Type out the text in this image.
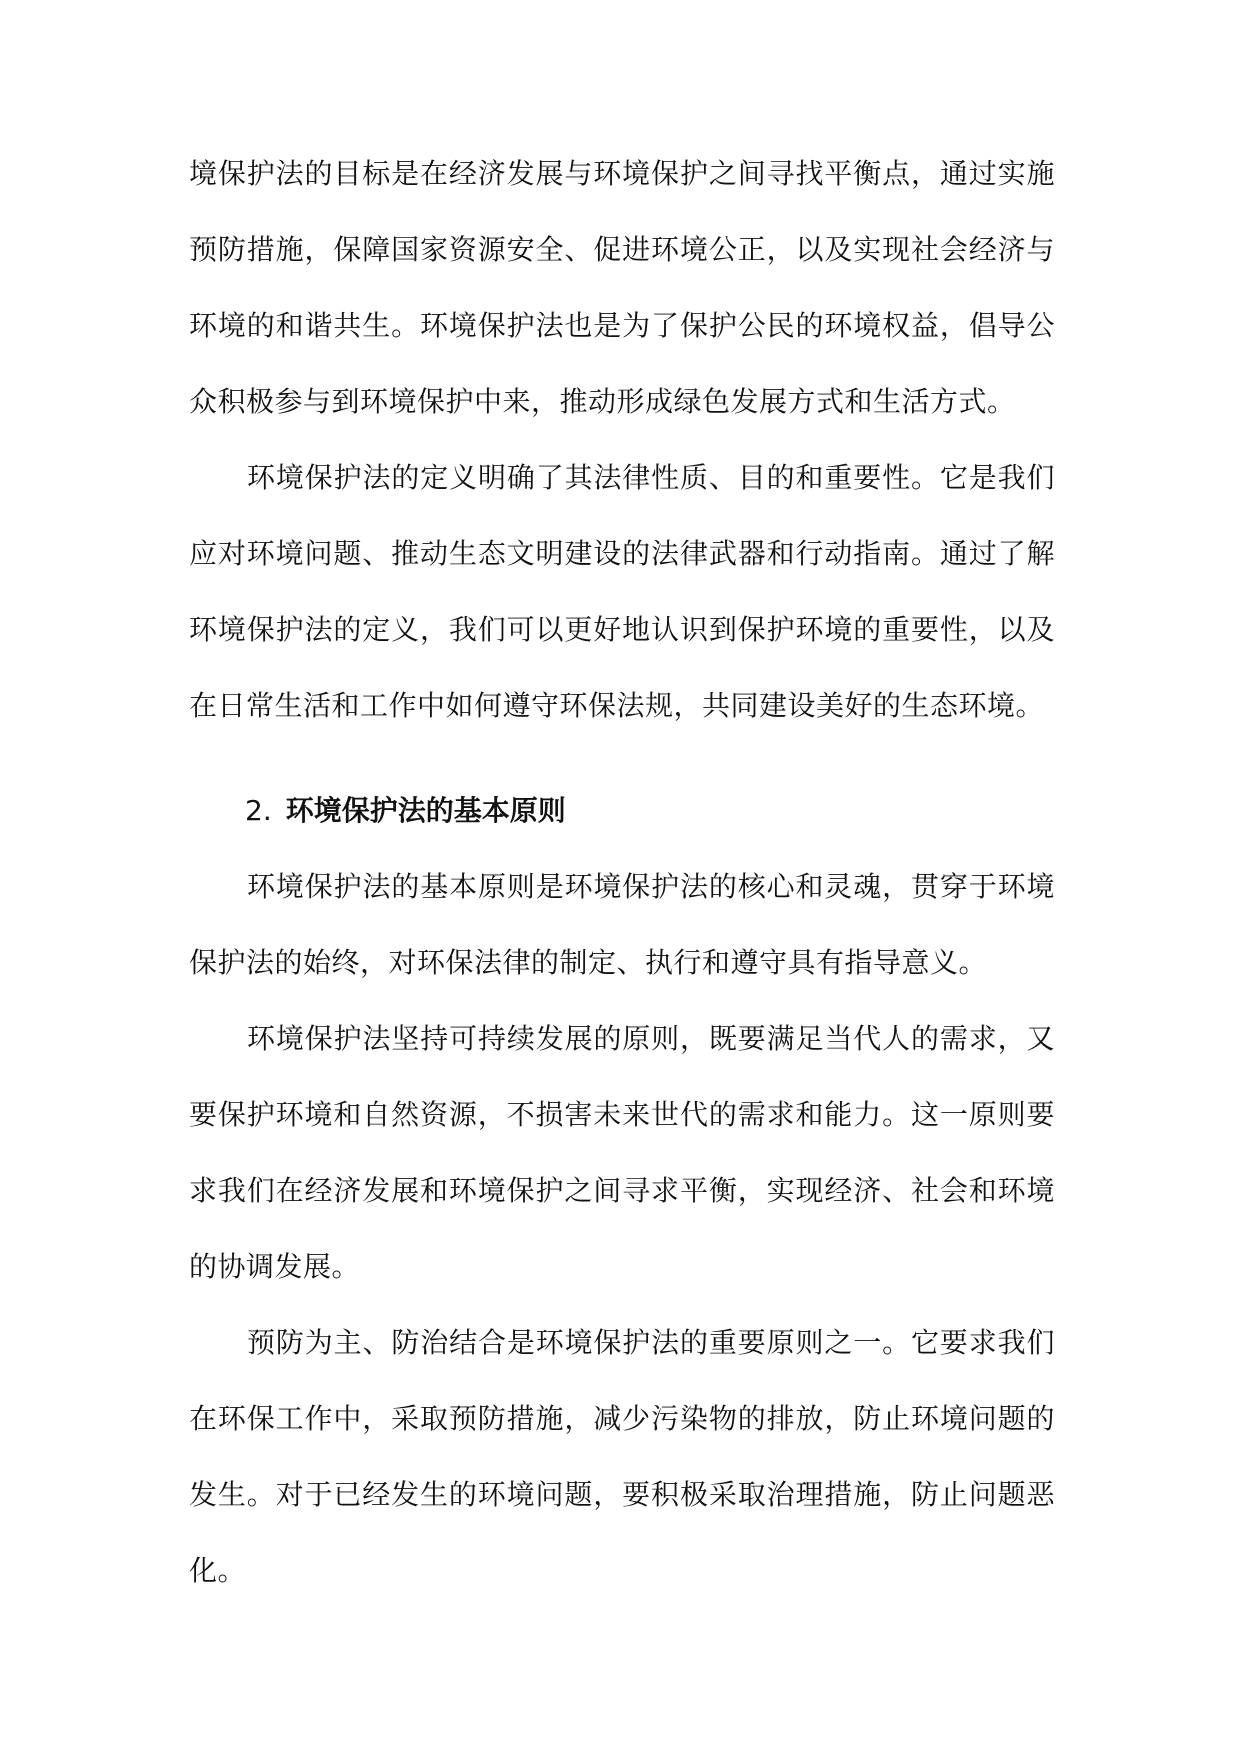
境保护法的目标是在经济发展与环境保护之间寻找平衡点，通过实施预防措施，保障国家资源安全、促进环境公正，以及实现社会经济与环境的和谐共生。环境保护法也是为了保护公民的环境权益，倡导公众积极参与到环境保护中来，推动形成绿色发展方式和生活方式。

环境保护法的定义明确了其法律性质、目的和重要性。它是我们应对环境问题、推动生态文明建设的法律武器和行动指南。通过了解环境保护法的定义，我们可以更好地认识到保护环境的重要性，以及在日常生活和工作中如何遵守环保法规，共同建设美好的生态环境。

2. 环境保护法的基本原则

环境保护法的基本原则是环境保护法的核心和灵魂，贯穿于环境保护法的始终，对环保法律的制定、执行和遵守具有指导意义。

环境保护法坚持可持续发展的原则，既要满足当代人的需求，又要保护环境和自然资源，不损害未来世代的需求和能力。这一原则要求我们在经济发展和环境保护之间寻求平衡，实现经济、社会和环境的协调发展。

预防为主、防治结合是环境保护法的重要原则之一。它要求我们在环保工作中，采取预防措施，减少污染物的排放，防止环境问题的发生。对于已经发生的环境问题，要积极采取治理措施，防止问题恶化。
